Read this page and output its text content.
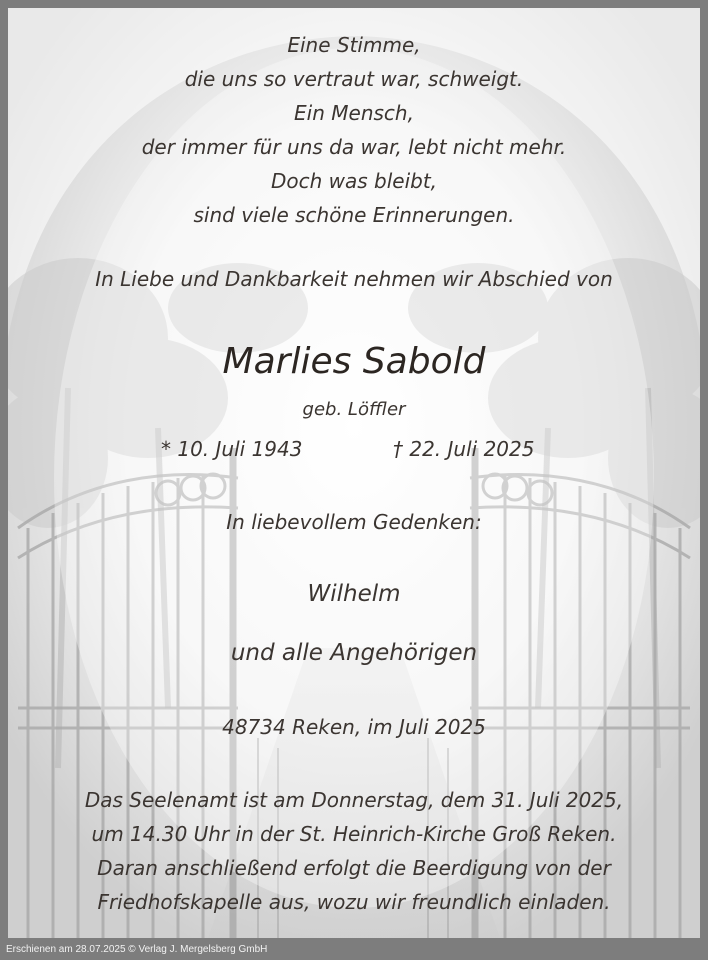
Eine Stimme,
die uns so vertraut war, schweigt.
Ein Mensch,
der immer für uns da war, lebt nicht mehr.
Doch was bleibt,
sind viele schöne Erinnerungen.
In Liebe und Dankbarkeit nehmen wir Abschied von
Marlies Sabold
geb. Löffler
* 10. Juli 1943	† 22. Juli 2025
In liebevollem Gedenken:
Wilhelm
und alle Angehörigen
48734 Reken, im Juli 2025
Das Seelenamt ist am Donnerstag, dem 31. Juli 2025,
um 14.30 Uhr in der St. Heinrich-Kirche Groß Reken.
Daran anschließend erfolgt die Beerdigung von der
Friedhofskapelle aus, wozu wir freundlich einladen.
Erschienen am 28.07.2025 © Verlag J. Mergelsberg GmbH
